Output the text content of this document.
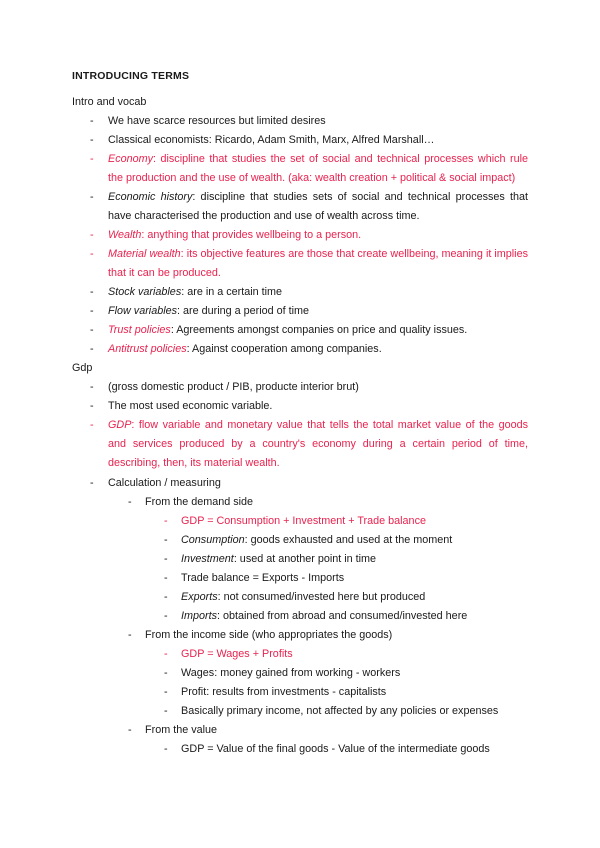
INTRODUCING TERMS
Intro and vocab
- We have scarce resources but limited desires
- Classical economists: Ricardo, Adam Smith, Marx, Alfred Marshall…
- Economy: discipline that studies the set of social and technical processes which rule the production and the use of wealth. (aka: wealth creation + political & social impact)
- Economic history: discipline that studies sets of social and technical processes that have characterised the production and use of wealth across time.
- Wealth: anything that provides wellbeing to a person.
- Material wealth: its objective features are those that create wellbeing, meaning it implies that it can be produced.
- Stock variables: are in a certain time
- Flow variables: are during a period of time
- Trust policies: Agreements amongst companies on price and quality issues.
- Antitrust policies: Against cooperation among companies.
Gdp
- (gross domestic product / PIB, producte interior brut)
- The most used economic variable.
- GDP: flow variable and monetary value that tells the total market value of the goods and services produced by a country's economy during a certain period of time, describing, then, its material wealth.
- Calculation / measuring
- From the demand side
- GDP = Consumption + Investment + Trade balance
- Consumption: goods exhausted and used at the moment
- Investment: used at another point in time
- Trade balance = Exports - Imports
- Exports: not consumed/invested here but produced
- Imports: obtained from abroad and consumed/invested here
- From the income side (who appropriates the goods)
- GDP = Wages + Profits
- Wages: money gained from working - workers
- Profit: results from investments - capitalists
- Basically primary income, not affected by any policies or expenses
- From the value
- GDP = Value of the final goods - Value of the intermediate goods
